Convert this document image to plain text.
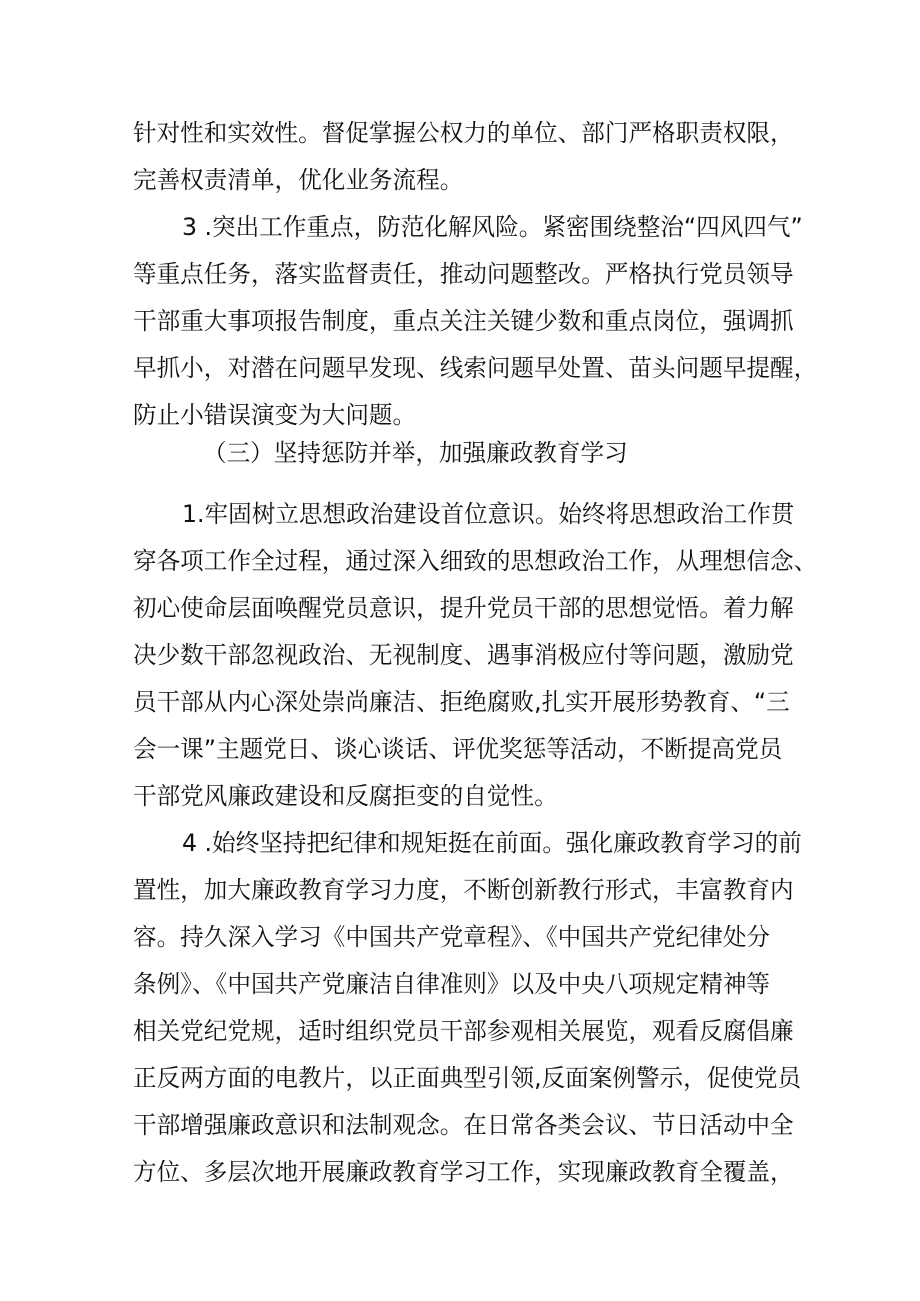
针对性和实效性。督促掌握公权力的单位、部门严格职责权限，
完善权责清单，优化业务流程。
3 .突出工作重点，防范化解风险。紧密围绕整治“四风四气”
等重点任务，落实监督责任，推动问题整改。严格执行党员领导
干部重大事项报告制度，重点关注关键少数和重点岗位，强调抓
早抓小，对潜在问题早发现、线索问题早处置、苗头问题早提醒，
防止小错误演变为大问题。
（三）坚持惩防并举，加强廉政教育学习
1.牢固树立思想政治建设首位意识。始终将思想政治工作贯
穿各项工作全过程，通过深入细致的思想政治工作，从理想信念、
初心使命层面唤醒党员意识，提升党员干部的思想觉悟。着力解
决少数干部忽视政治、无视制度、遇事消极应付等问题，激励党
员干部从内心深处崇尚廉洁、拒绝腐败,扎实开展形势教育、“三
会一课”主题党日、谈心谈话、评优奖惩等活动，不断提高党员
干部党风廉政建设和反腐拒变的自觉性。
4 .始终坚持把纪律和规矩挺在前面。强化廉政教育学习的前
置性，加大廉政教育学习力度，不断创新教行形式，丰富教育内
容。持久深入学习《中国共产党章程》、《中国共产党纪律处分
条例》、《中国共产党廉洁自律准则》以及中央八项规定精神等
相关党纪党规，适时组织党员干部参观相关展览，观看反腐倡廉
正反两方面的电教片，以正面典型引领,反面案例警示，促使党员
干部增强廉政意识和法制观念。在日常各类会议、节日活动中全
方位、多层次地开展廉政教育学习工作，实现廉政教育全覆盖，
